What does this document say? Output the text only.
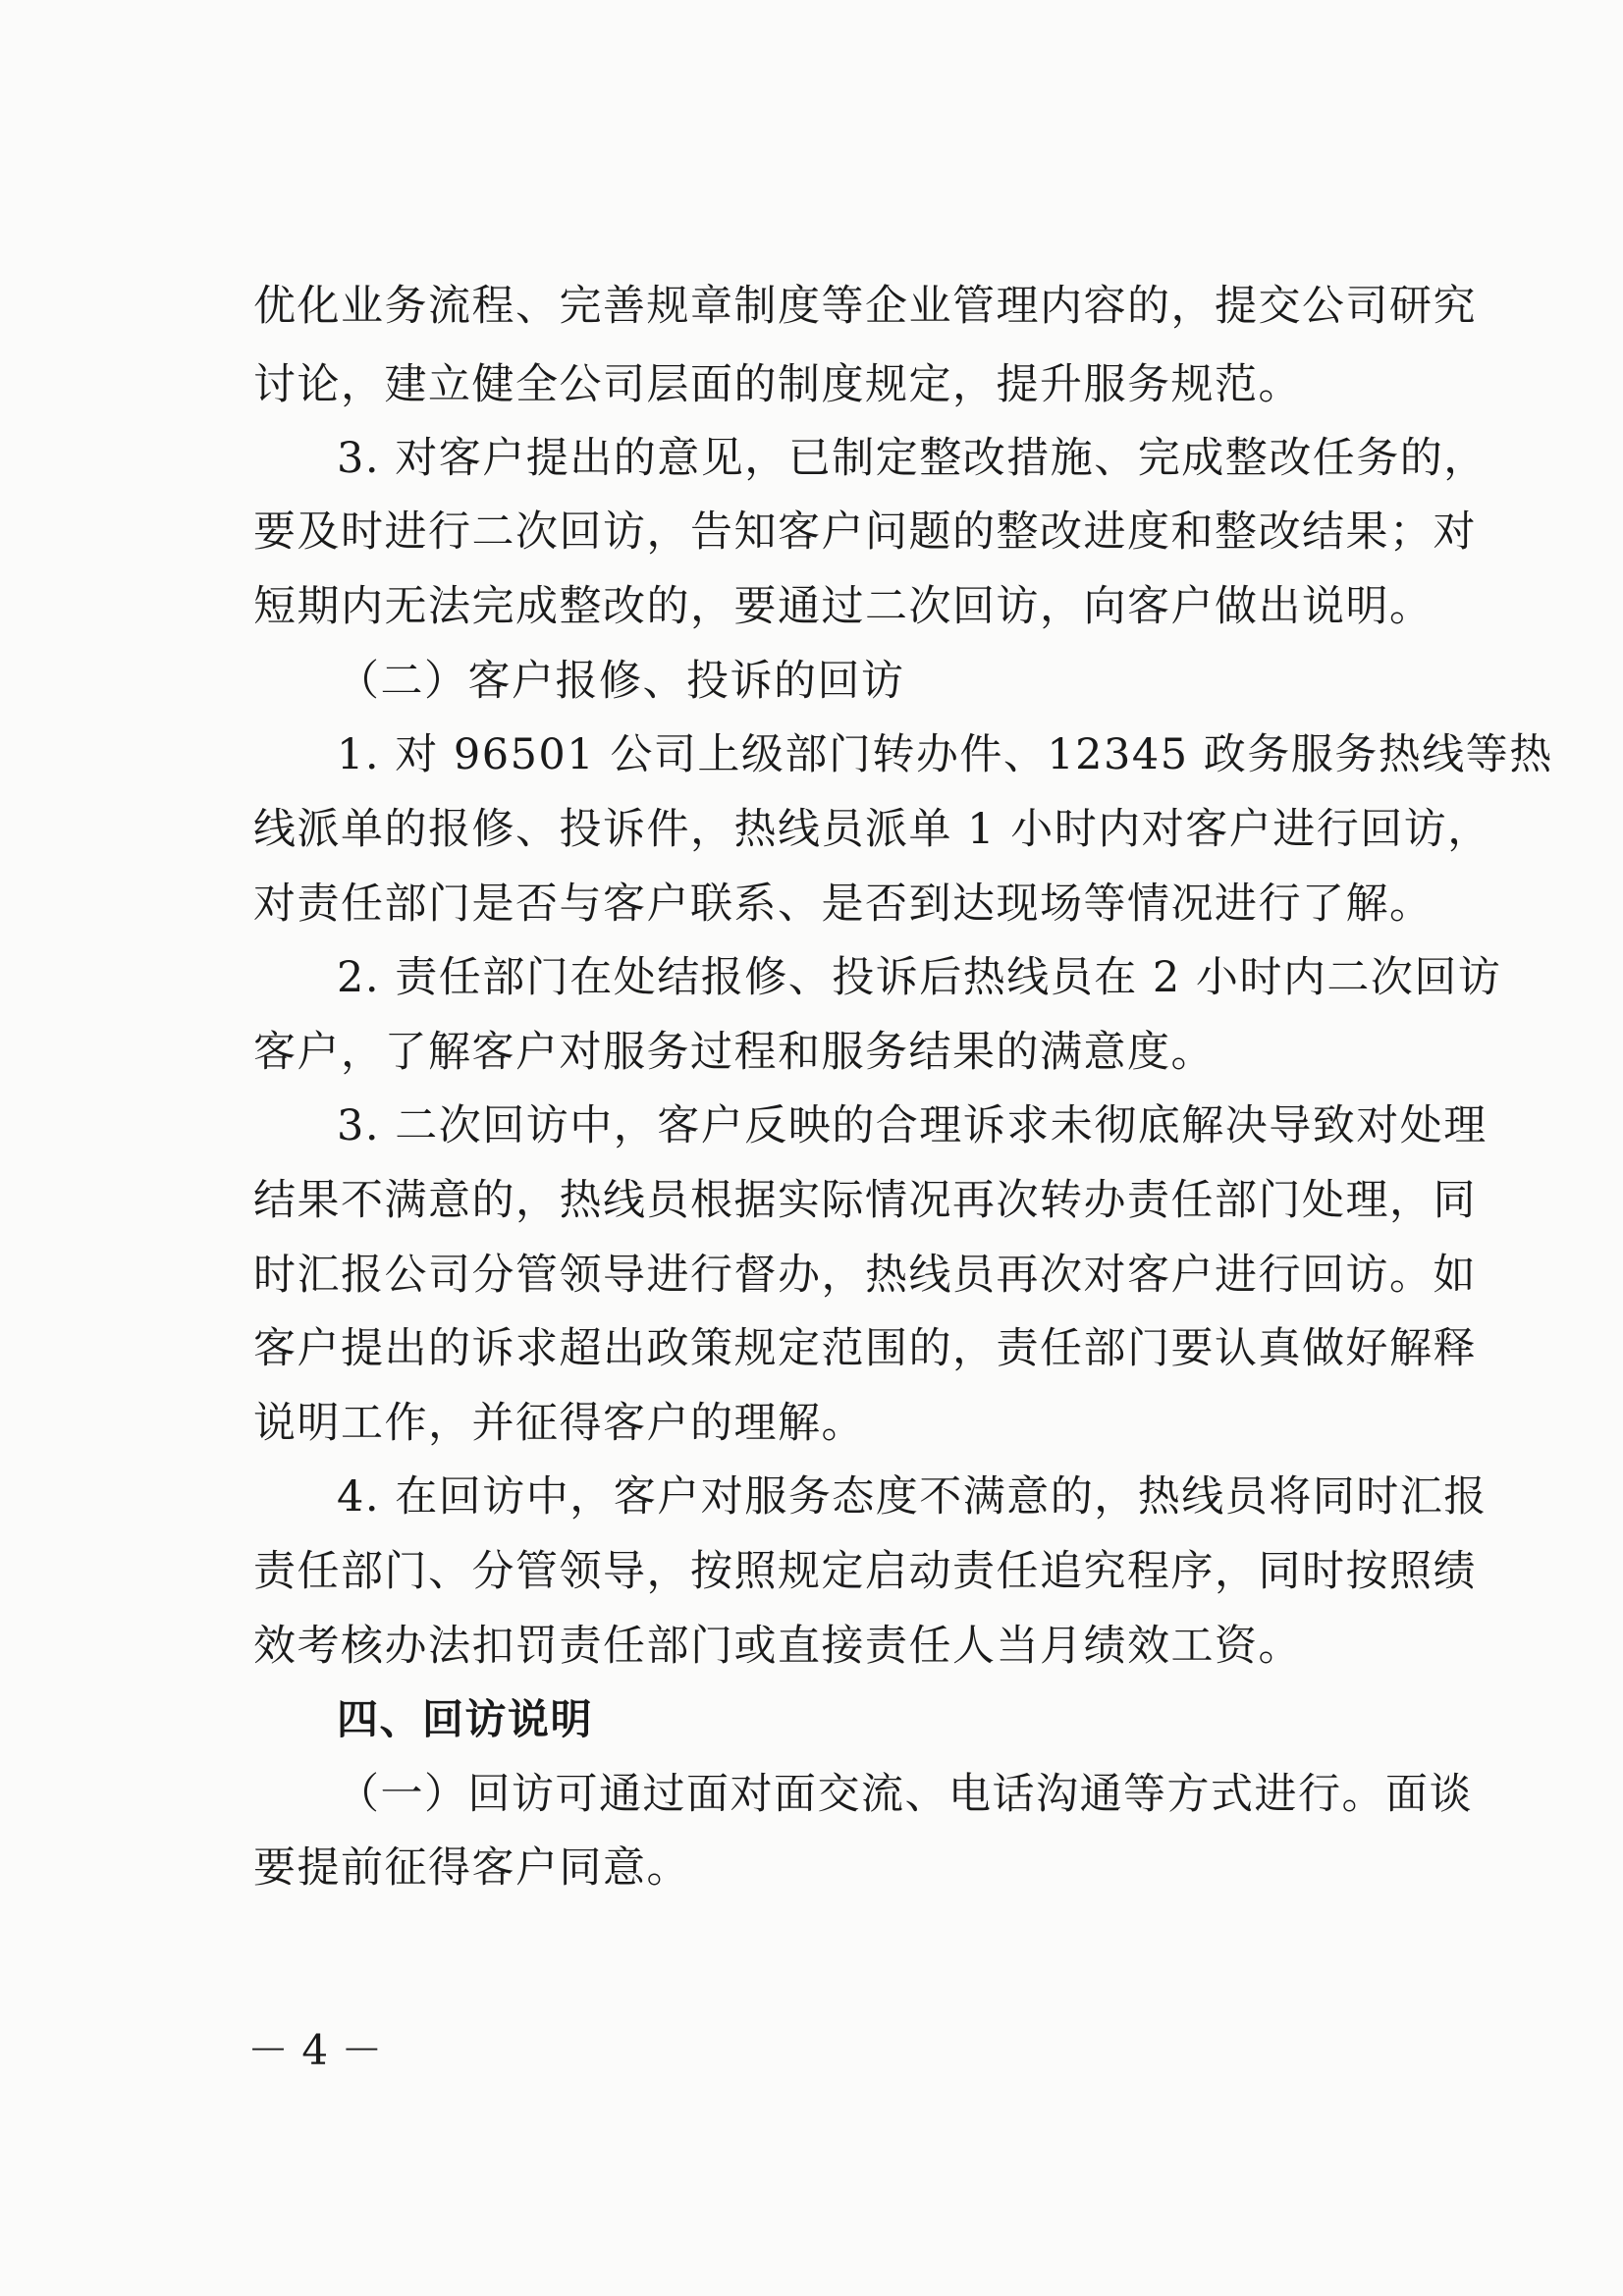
优化业务流程、完善规章制度等企业管理内容的，提交公司研究
讨论，建立健全公司层面的制度规定，提升服务规范。
3. 对客户提出的意见，已制定整改措施、完成整改任务的，
要及时进行二次回访，告知客户问题的整改进度和整改结果；对
短期内无法完成整改的，要通过二次回访，向客户做出说明。
（二）客户报修、投诉的回访
1. 对 96501 公司上级部门转办件、12345 政务服务热线等热
线派单的报修、投诉件，热线员派单 1 小时内对客户进行回访，
对责任部门是否与客户联系、是否到达现场等情况进行了解。
2. 责任部门在处结报修、投诉后热线员在 2 小时内二次回访
客户，了解客户对服务过程和服务结果的满意度。
3. 二次回访中，客户反映的合理诉求未彻底解决导致对处理
结果不满意的，热线员根据实际情况再次转办责任部门处理，同
时汇报公司分管领导进行督办，热线员再次对客户进行回访。如
客户提出的诉求超出政策规定范围的，责任部门要认真做好解释
说明工作，并征得客户的理解。
4. 在回访中，客户对服务态度不满意的，热线员将同时汇报
责任部门、分管领导，按照规定启动责任追究程序，同时按照绩
效考核办法扣罚责任部门或直接责任人当月绩效工资。
四、回访说明
（一）回访可通过面对面交流、电话沟通等方式进行。面谈
要提前征得客户同意。
－ 4 －
